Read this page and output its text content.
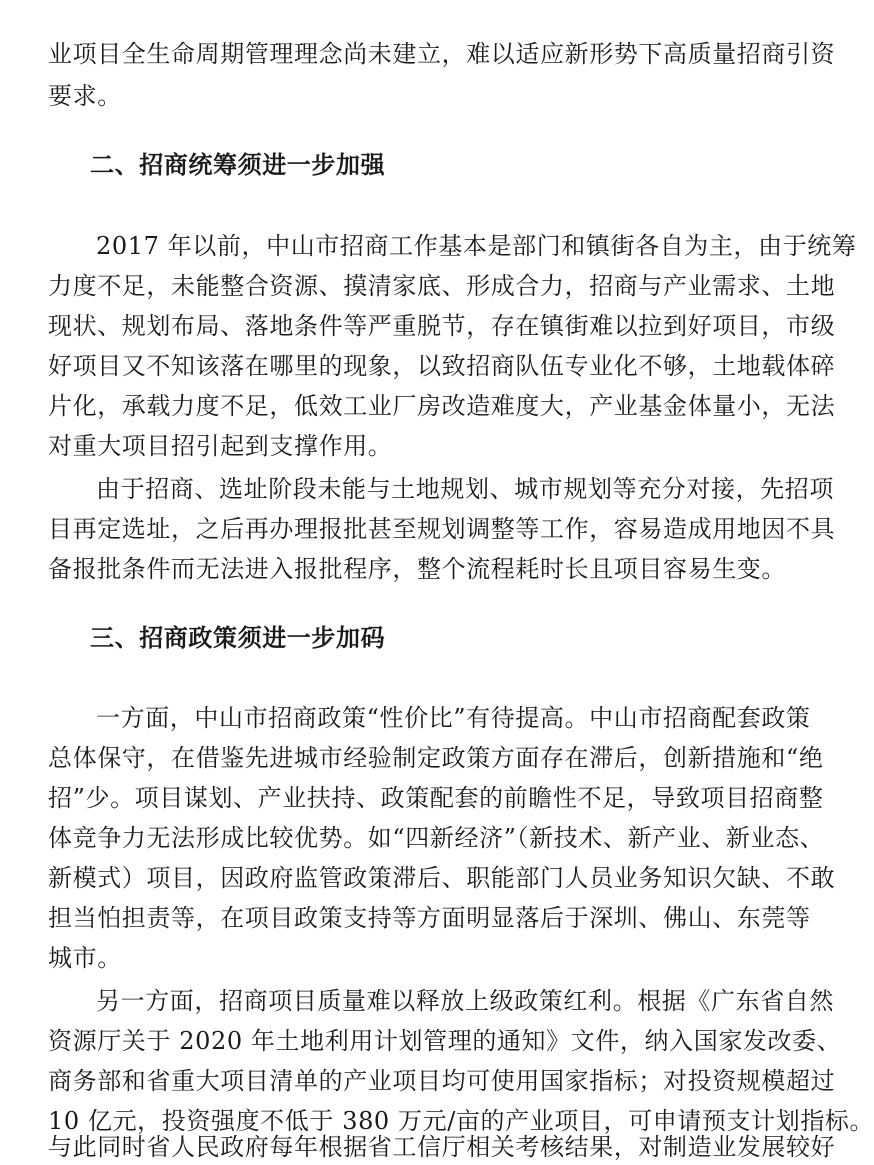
业项目全生命周期管理理念尚未建立，难以适应新形势下高质量招商引资
要求。
二、招商统筹须进一步加强
2017 年以前，中山市招商工作基本是部门和镇街各自为主，由于统筹
力度不足，未能整合资源、摸清家底、形成合力，招商与产业需求、土地
现状、规划布局、落地条件等严重脱节，存在镇街难以拉到好项目，市级
好项目又不知该落在哪里的现象，以致招商队伍专业化不够，土地载体碎
片化，承载力度不足，低效工业厂房改造难度大，产业基金体量小，无法
对重大项目招引起到支撑作用。
由于招商、选址阶段未能与土地规划、城市规划等充分对接，先招项
目再定选址，之后再办理报批甚至规划调整等工作，容易造成用地因不具
备报批条件而无法进入报批程序，整个流程耗时长且项目容易生变。
三、招商政策须进一步加码
一方面，中山市招商政策“性价比”有待提高。中山市招商配套政策
总体保守，在借鉴先进城市经验制定政策方面存在滞后，创新措施和“绝
招”少。项目谋划、产业扶持、政策配套的前瞻性不足，导致项目招商整
体竞争力无法形成比较优势。如“四新经济”（新技术、新产业、新业态、
新模式）项目，因政府监管政策滞后、职能部门人员业务知识欠缺、不敢
担当怕担责等，在项目政策支持等方面明显落后于深圳、佛山、东莞等
城市。
另一方面，招商项目质量难以释放上级政策红利。根据《广东省自然
资源厅关于 2020 年土地利用计划管理的通知》文件，纳入国家发改委、
商务部和省重大项目清单的产业项目均可使用国家指标；对投资规模超过
10 亿元，投资强度不低于 380 万元/亩的产业项目，可申请预支计划指标。
与此同时省人民政府每年根据省工信厅相关考核结果，对制造业发展较好
